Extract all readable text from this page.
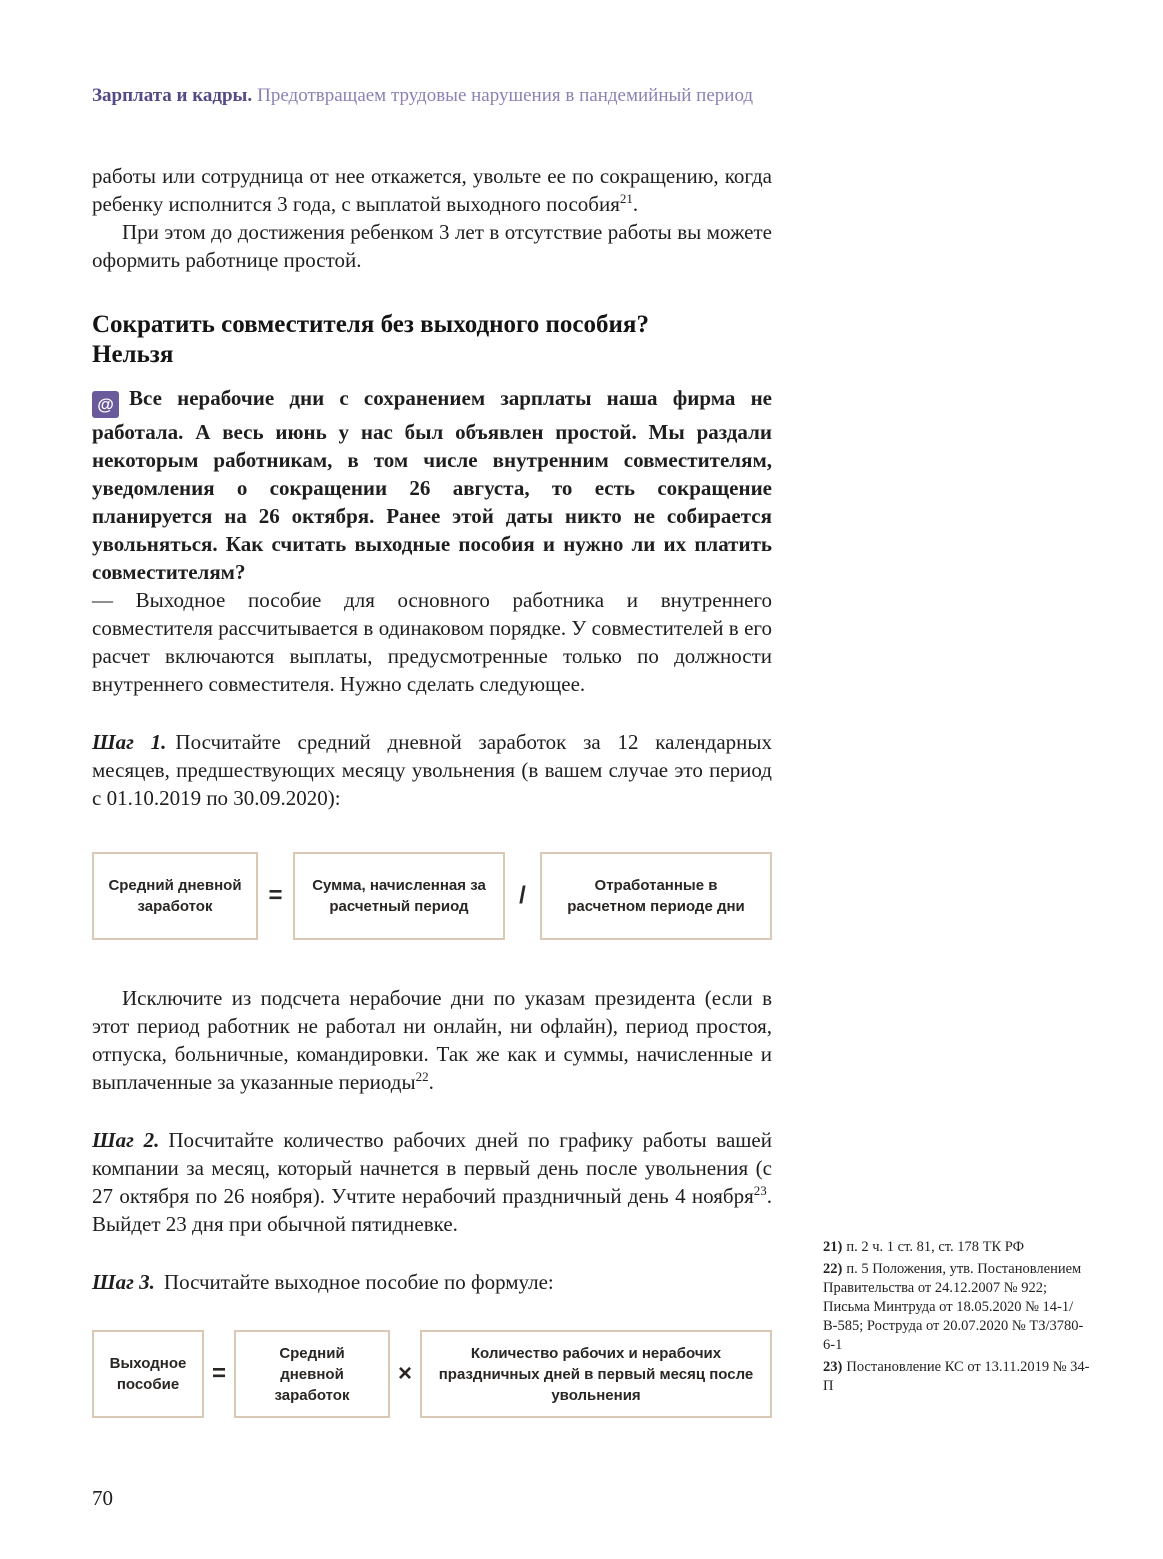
Зарплата и кадры. Предотвращаем трудовые нарушения в пандемийный период

работы или сотрудница от нее откажется, увольте ее по сокращению, когда ребенку исполнится 3 года, с выплатой выходного пособия$^{21}$.

При этом до достижения ребенком 3 лет в отсутствие работы вы можете оформить работнице простой.

Сократить совместителя без выходного пособия?
Нельзя

@ Все нерабочие дни с сохранением зарплаты наша фирма не работала. А весь июнь у нас был объявлен простой. Мы раздали некоторым работникам, в том числе внутренним совместителям, уведомления о сокращении 26 августа, то есть сокращение планируется на 26 октября. Ранее этой даты никто не собирается увольняться. Как считать выходные пособия и нужно ли их платить совместителям?

— Выходное пособие для основного работника и внутреннего совместителя рассчитывается в одинаковом порядке. У совместителей в его расчет включаются выплаты, предусмотренные только по должности внутреннего совместителя. Нужно сделать следующее.

Шаг 1. Посчитайте средний дневной заработок за 12 календарных месяцев, предшествующих месяцу увольнения (в вашем случае это период с 01.10.2019 по 30.09.2020):

Средний дневной заработок	=	Сумма, начисленная за расчетный период	/	Отработанные в расчетном периоде дни

Исключите из подсчета нерабочие дни по указам президента (если в этот период работник не работал ни онлайн, ни офлайн), период простоя, отпуска, больничные, командировки. Так же как и суммы, начисленные и выплаченные за указанные периоды$^{22}$.

Шаг 2. Посчитайте количество рабочих дней по графику работы вашей компании за месяц, который начнется в первый день после увольнения (с 27 октября по 26 ноября). Учтите нерабочий праздничный день 4 ноября$^{23}$. Выйдет 23 дня при обычной пятидневке.

Шаг 3. Посчитайте выходное пособие по формуле:

Выходное пособие	=
Средний дневной заработок
×
Количество рабочих и нерабочих праздничных дней в первый месяц после увольнения

21) п. 2 ч. 1 ст. 81, ст. 178 ТК РФ

22) п. 5 Положения, утв. Постановлением Правительства от 24.12.2007 № 922; Письма Минтруда от 18.05.2020 № 14-1/В-585; Роструда от 20.07.2020 № ТЗ/3780-6-1

23) Постановление КС от 13.11.2019 № 34-П

70
